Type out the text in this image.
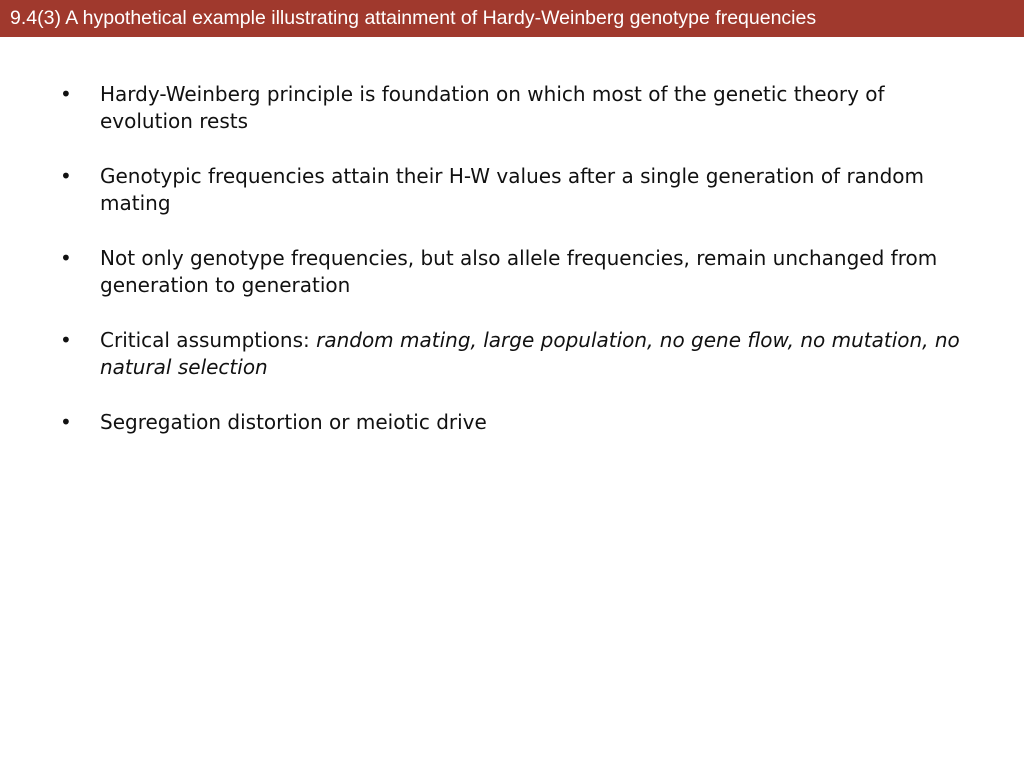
9.4(3) A hypothetical example illustrating attainment of Hardy-Weinberg genotype frequencies
•	Hardy-Weinberg principle is foundation on which most of the genetic theory of evolution rests
•	Genotypic frequencies attain their H-W values after a single generation of random mating
•	Not only genotype frequencies, but also allele frequencies, remain unchanged from generation to generation
•	Critical assumptions: random mating, large population, no gene flow, no mutation, no natural selection
•	Segregation distortion or meiotic drive
